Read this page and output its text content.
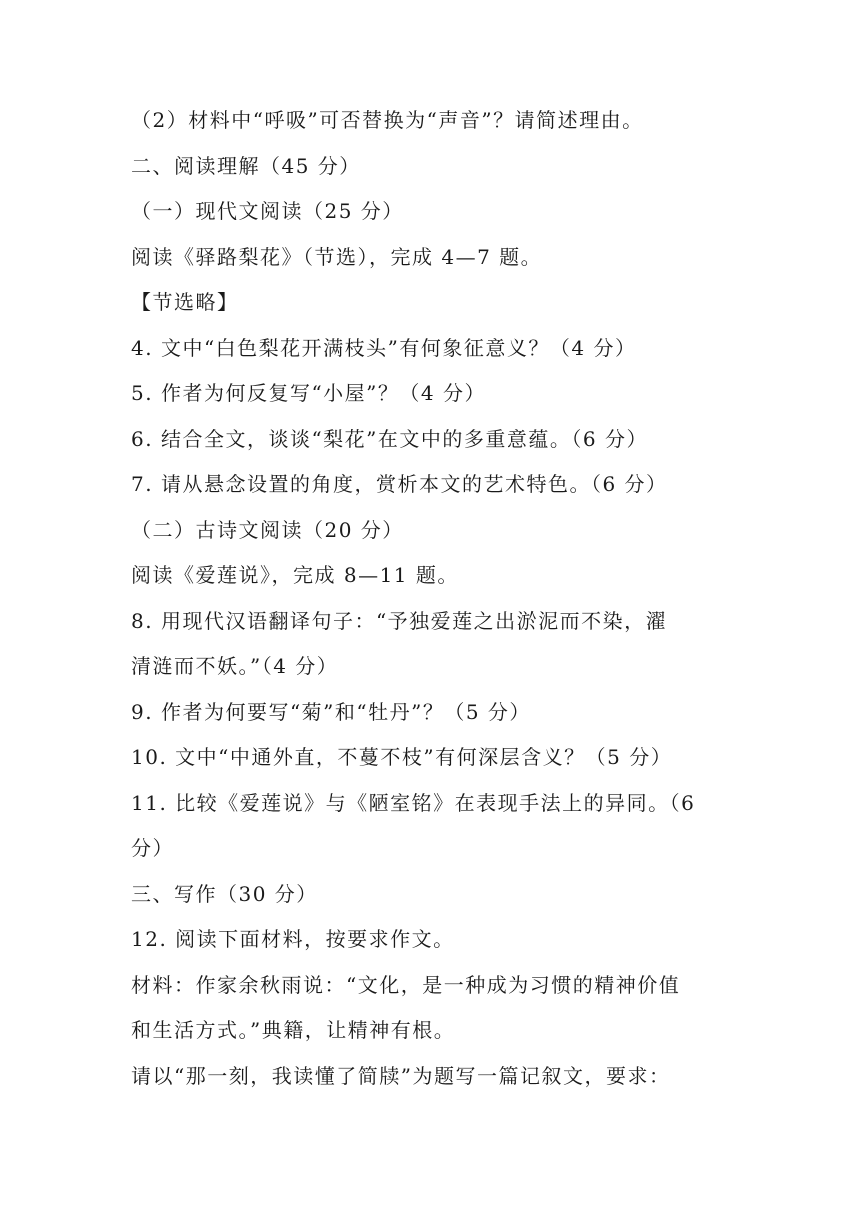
（2）材料中“呼吸”可否替换为“声音”？请简述理由。
二、阅读理解（45 分）
（一）现代文阅读（25 分）
阅读《驿路梨花》（节选），完成 4—7 题。
【节选略】
4. 文中“白色梨花开满枝头”有何象征意义？（4 分）
5. 作者为何反复写“小屋”？（4 分）
6. 结合全文，谈谈“梨花”在文中的多重意蕴。（6 分）
7. 请从悬念设置的角度，赏析本文的艺术特色。（6 分）
（二）古诗文阅读（20 分）
阅读《爱莲说》，完成 8—11 题。
8. 用现代汉语翻译句子：“予独爱莲之出淤泥而不染，濯
清涟而不妖。”（4 分）
9. 作者为何要写“菊”和“牡丹”？（5 分）
10. 文中“中通外直，不蔓不枝”有何深层含义？（5 分）
11. 比较《爱莲说》与《陋室铭》在表现手法上的异同。（6
分）
三、写作（30 分）
12. 阅读下面材料，按要求作文。
材料：作家余秋雨说：“文化，是一种成为习惯的精神价值
和生活方式。”典籍，让精神有根。
请以“那一刻，我读懂了简牍”为题写一篇记叙文，要求：
